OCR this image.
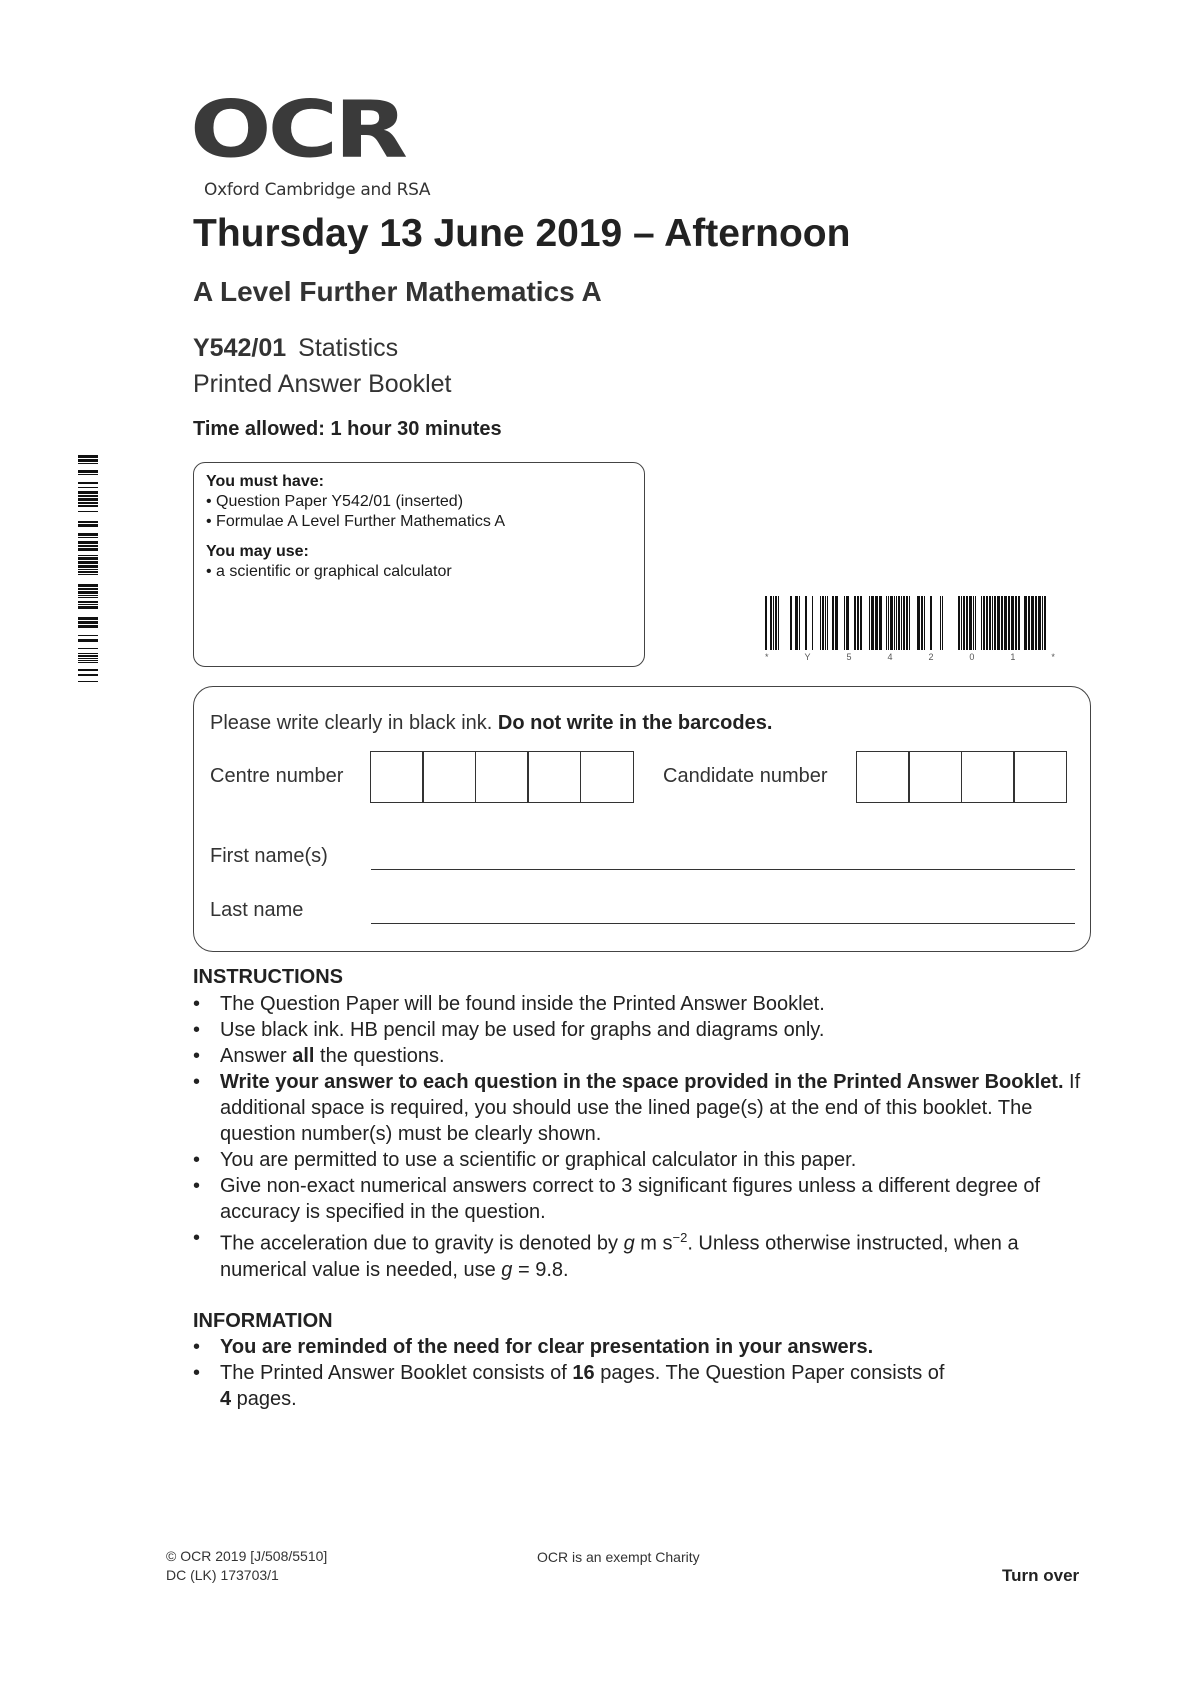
OCR
Oxford Cambridge and RSA
Thursday 13 June 2019 – Afternoon
A Level Further Mathematics A
Y542/01 Statistics
Printed Answer Booklet
Time allowed: 1 hour 30 minutes
You must have:
• Question Paper Y542/01 (inserted)
• Formulae A Level Further Mathematics A
You may use:
• a scientific or graphical calculator
*	Y	5	4	2	0	1	*
Please write clearly in black ink. Do not write in the barcodes.
Centre number	Candidate number
First name(s)
Last name
INSTRUCTIONS
• The Question Paper will be found inside the Printed Answer Booklet.
• Use black ink. HB pencil may be used for graphs and diagrams only.
• Answer all the questions.
• Write your answer to each question in the space provided in the Printed Answer Booklet. If additional space is required, you should use the lined page(s) at the end of this booklet. The question number(s) must be clearly shown.
• You are permitted to use a scientific or graphical calculator in this paper.
• Give non-exact numerical answers correct to 3 significant figures unless a different degree of accuracy is specified in the question.
• The acceleration due to gravity is denoted by g m $s^{-2}$. Unless otherwise instructed, when a numerical value is needed, use g = 9.8.
INFORMATION
• You are reminded of the need for clear presentation in your answers.
• The Printed Answer Booklet consists of 16 pages. The Question Paper consists of
4 pages.
© OCR 2019 [J/508/5510]
DC (LK) 173703/1
OCR is an exempt Charity
Turn over
